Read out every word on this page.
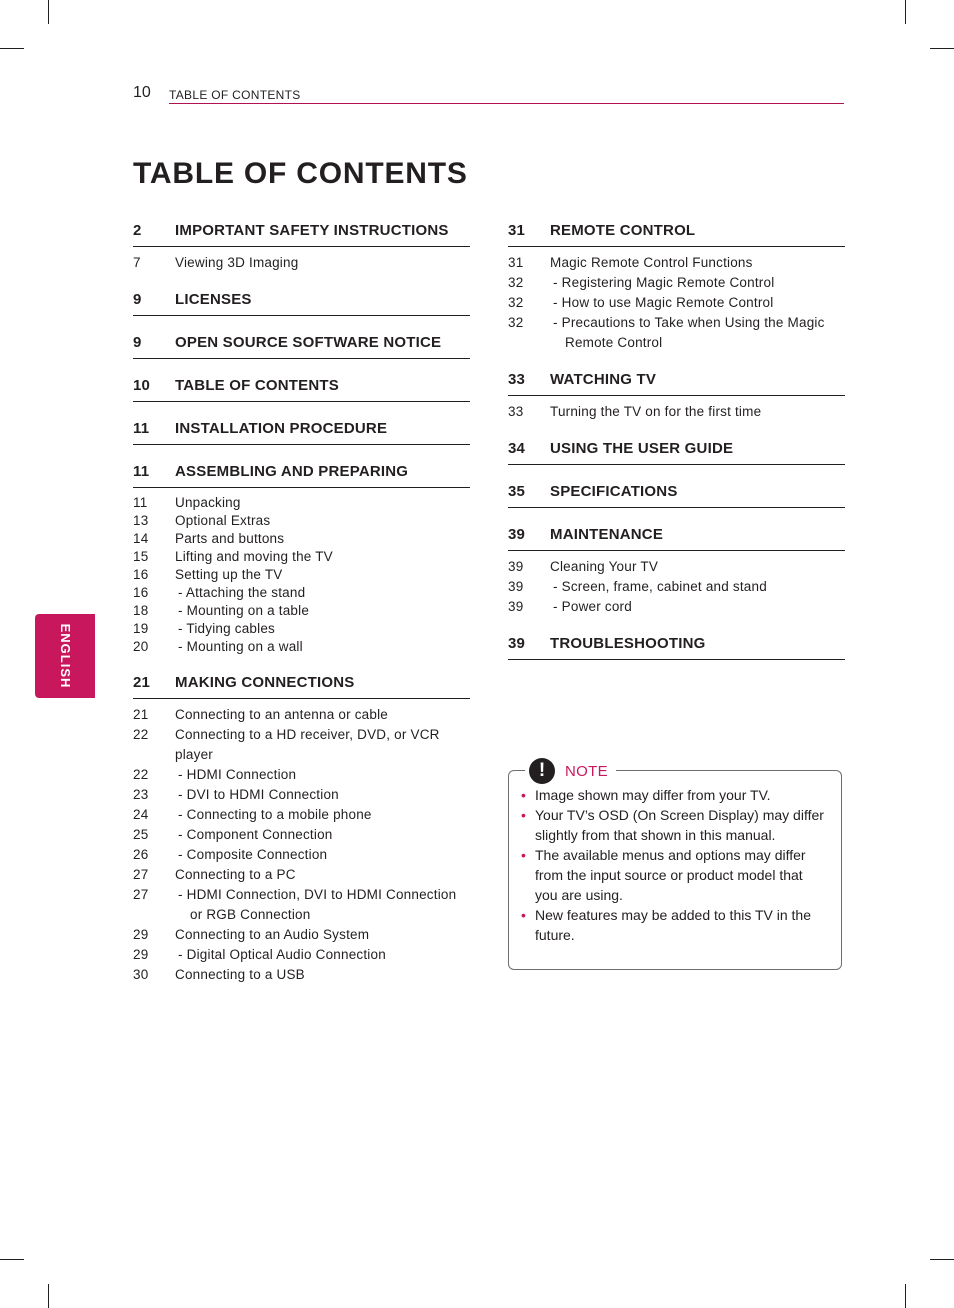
10 TABLE OF CONTENTS
ENGLISH
TABLE OF CONTENTS
2	IMPORTANT SAFETY INSTRUCTIONS
7	Viewing 3D Imaging
9	LICENSES
9	OPEN SOURCE SOFTWARE NOTICE
10	TABLE OF CONTENTS
11	INSTALLATION PROCEDURE
11	ASSEMBLING AND PREPARING
11	Unpacking
13	Optional Extras
14	Parts and buttons
15	Lifting and moving the TV
16	Setting up the TV
16	- Attaching the stand
18	- Mounting on a table
19	- Tidying cables
20	- Mounting on a wall
21	MAKING CONNECTIONS
21	Connecting to an antenna or cable
22	Connecting to a HD receiver, DVD, or VCR player
22	- HDMI Connection
23	- DVI to HDMI Connection
24	- Connecting to a mobile phone
25	- Component Connection
26	- Composite Connection
27	Connecting to a PC
27	- HDMI Connection, DVI to HDMI Connection or RGB Connection
29	Connecting to an Audio System
29	- Digital Optical Audio Connection
30	Connecting to a USB
31	REMOTE CONTROL
31	Magic Remote Control Functions
32	- Registering Magic Remote Control
32	- How to use Magic Remote Control
32	- Precautions to Take when Using the Magic Remote Control
33	WATCHING TV
33	Turning the TV on for the first time
34	USING THE USER GUIDE
35	SPECIFICATIONS
39	MAINTENANCE
39	Cleaning Your TV
39	- Screen, frame, cabinet and stand
39	- Power cord
39	TROUBLESHOOTING
!	NOTE
• Image shown may differ from your TV.
• Your TV’s OSD (On Screen Display) may differ slightly from that shown in this manual.
• The available menus and options may differ from the input source or product model that you are using.
• New features may be added to this TV in the future.
